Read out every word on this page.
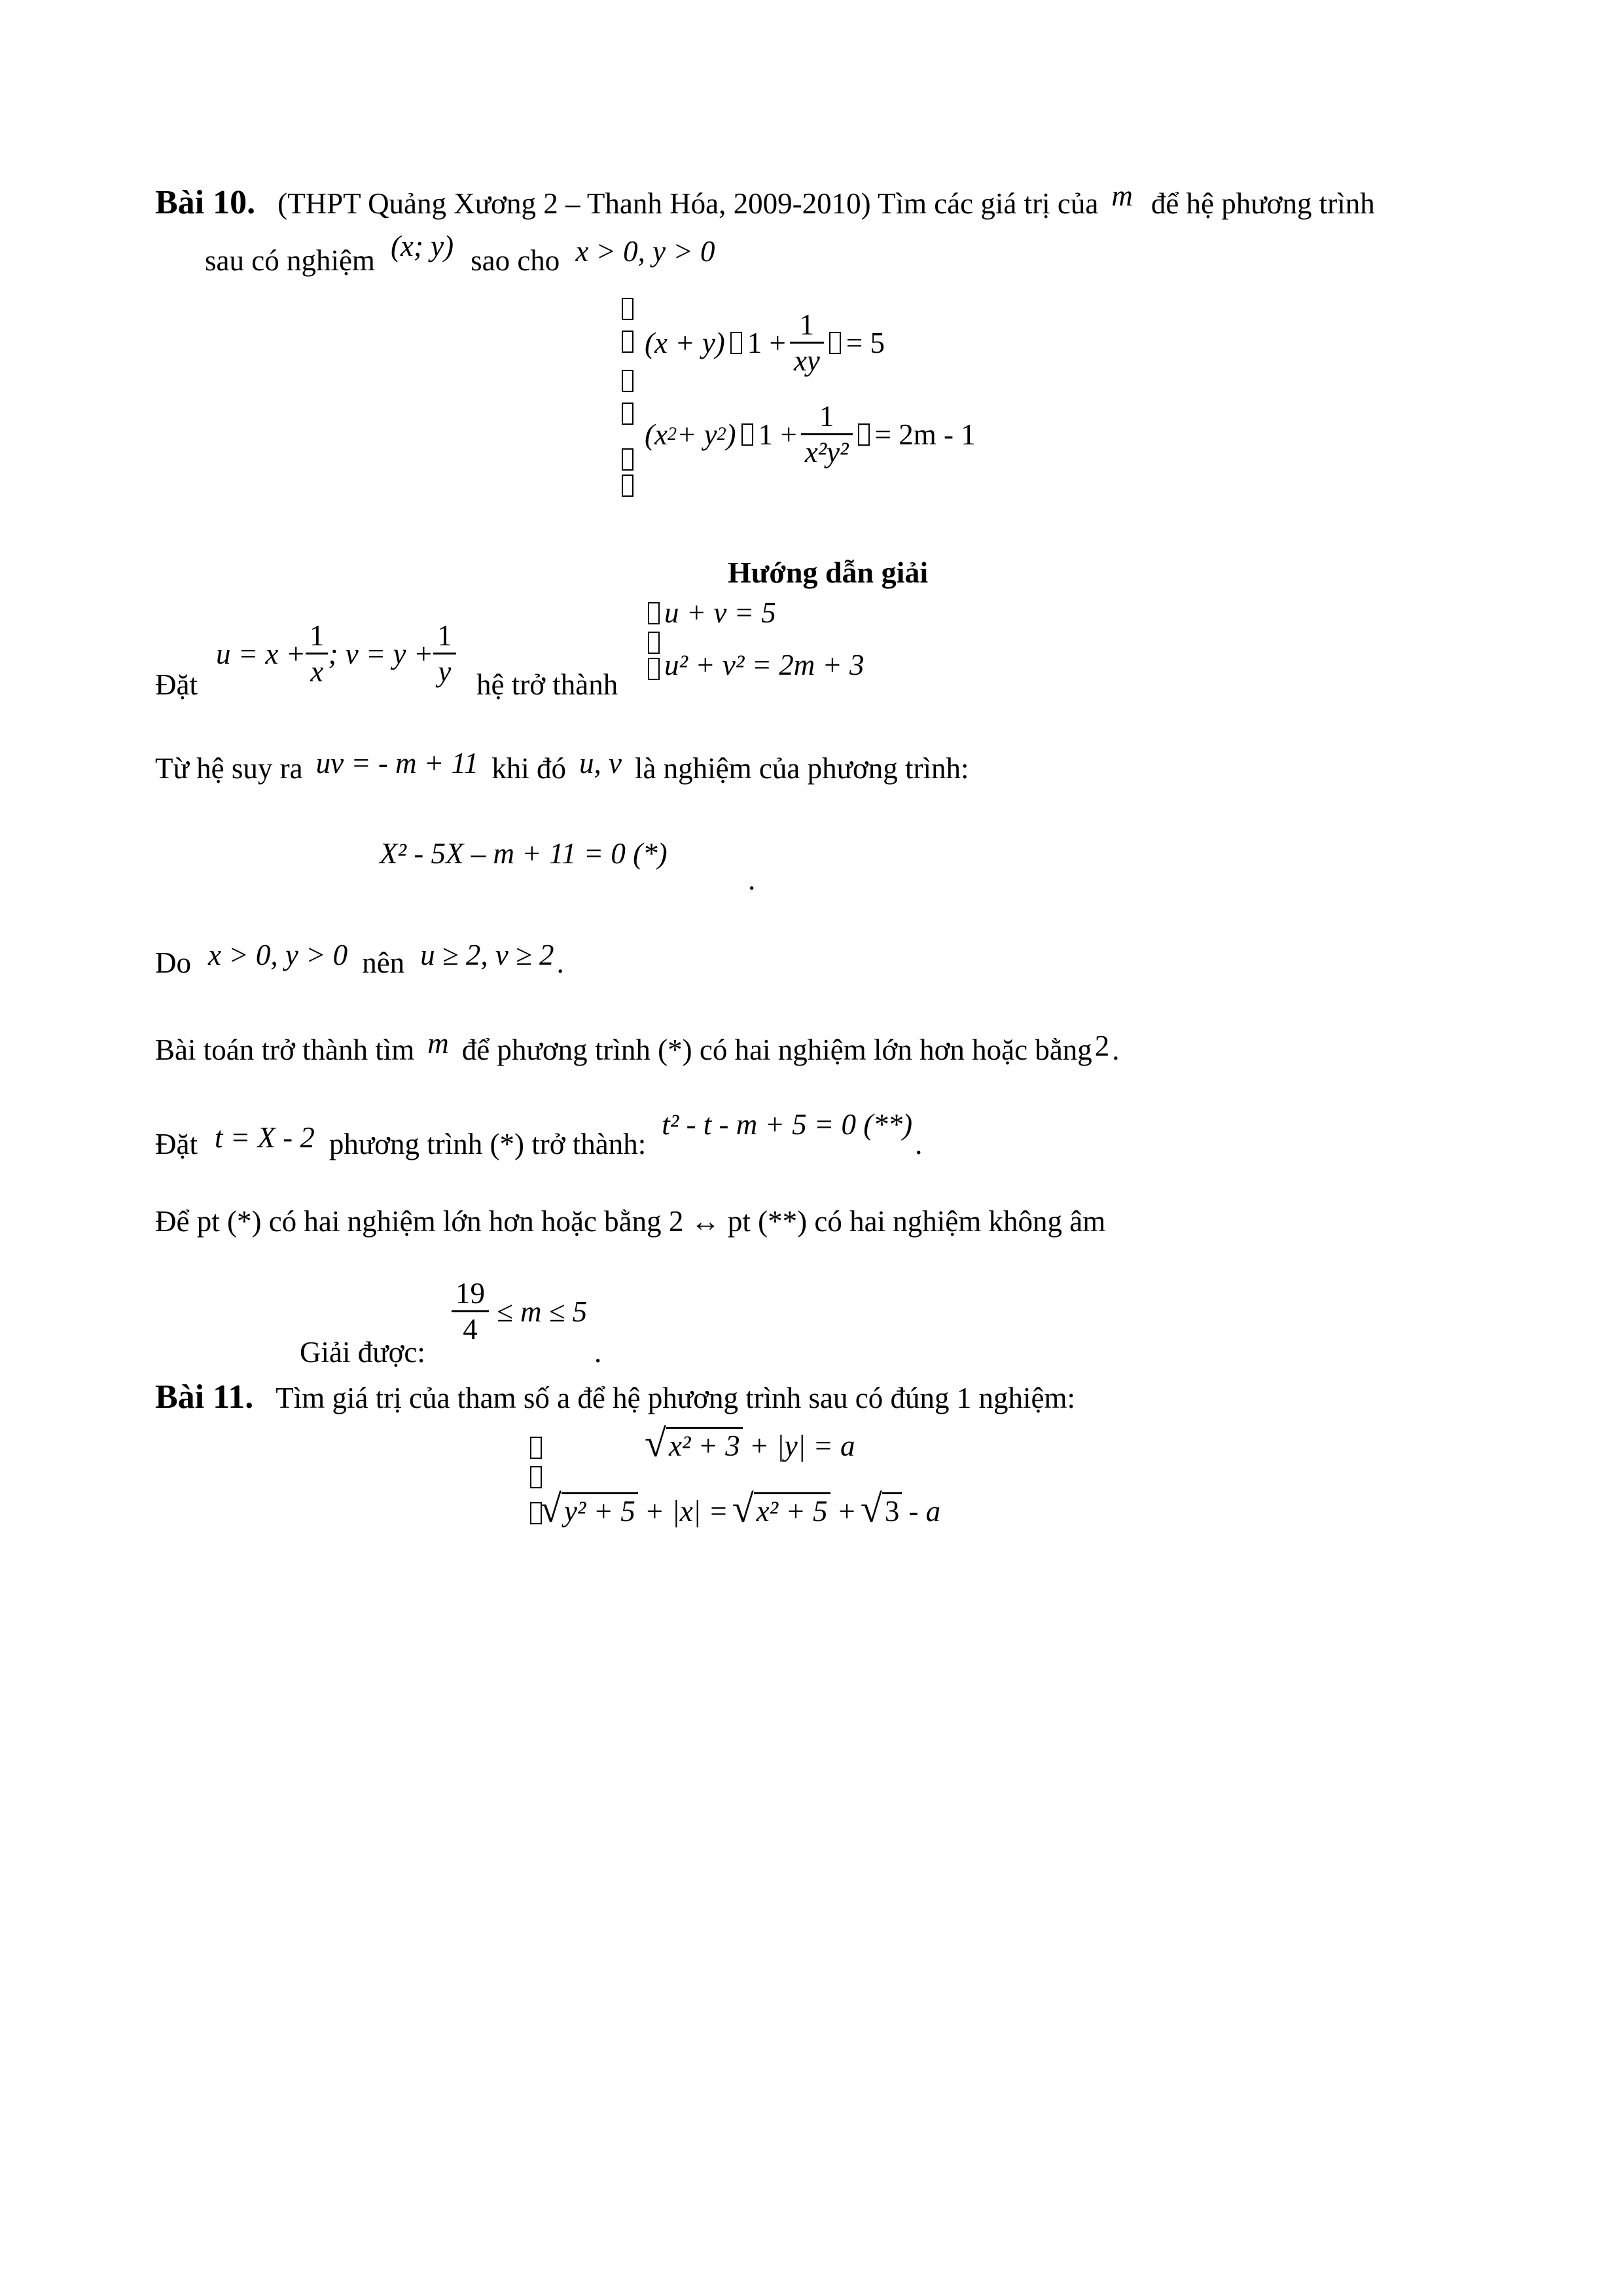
Bài 10. (THPT Quảng Xương 2 – Thanh Hóa, 2009-2010) Tìm các giá trị của m để hệ phương trình
sau có nghiệm (x; y) sao cho x > 0, y > 0
(x + y) $1 + \frac{1}{xy} = 5$
(x 2 + y 2 ) $1 + \frac{1}{\text{x²y²}} = 2m - 1$
Hướng dẫn giải
$u = x + \frac{1}{x}$ ; $v = y + \frac{1}{y}$
Đặt	hệ trở thành
u + v = 5
u² + v² = 2m + 3
Từ hệ suy ra uv = - m + 11 khi đó u, v là nghiệm của phương trình:
X² - 5X – m + 11 = 0 (*)
.
Do x > 0, y > 0 nên u ≥ 2, v ≥ 2 .
Bài toán trở thành tìm m để phương trình (*) có hai nghiệm lớn hơn hoặc bằng 2 .
Đặt t = X - 2 phương trình (*) trở thành: t² - t - m + 5 = 0 (**) .
Để pt (*) có hai nghiệm lớn hơn hoặc bằng 2 ↔ pt (**) có hai nghiệm không âm
Giải được:
$\frac{19}{4} \le m \le 5$
.
Bài 11. Tìm giá trị của tham số a để hệ phương trình sau có đúng 1 nghiệm:
√ x² + 3 + |y| = a
√ y² + 5 + |x| = √ x² + 5 + √ 3 - a
